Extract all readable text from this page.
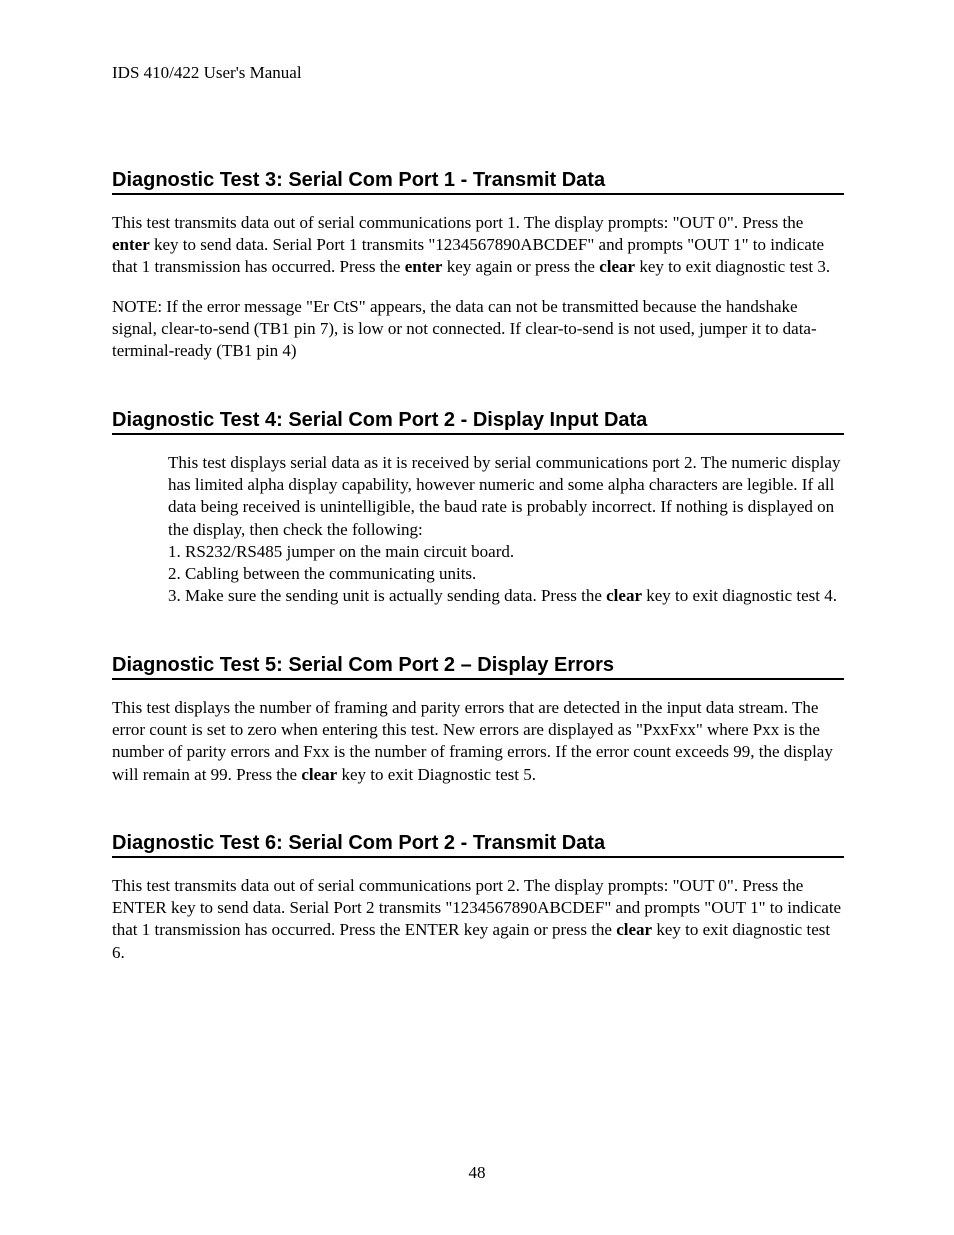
IDS 410/422 User's Manual
Diagnostic Test 3: Serial Com Port 1 - Transmit Data

This test transmits data out of serial communications port 1. The display prompts: "OUT 0". Press the enter key to send data. Serial Port 1 transmits "1234567890ABCDEF" and prompts "OUT 1" to indicate that 1 transmission has occurred. Press the enter key again or press the clear key to exit diagnostic test 3.

NOTE: If the error message "Er CtS" appears, the data can not be transmitted because the handshake signal, clear-to-send (TB1 pin 7), is low or not connected. If clear-to-send is not used, jumper it to data-terminal-ready (TB1 pin 4)

Diagnostic Test 4: Serial Com Port 2 - Display Input Data

This test displays serial data as it is received by serial communications port 2. The numeric display has limited alpha display capability, however numeric and some alpha characters are legible. If all data being received is unintelligible, the baud rate is probably incorrect. If nothing is displayed on the display, then check the following:

1. RS232/RS485 jumper on the main circuit board.

2. Cabling between the communicating units.

3. Make sure the sending unit is actually sending data. Press the clear key to exit diagnostic test 4.

Diagnostic Test 5: Serial Com Port 2 – Display Errors

This test displays the number of framing and parity errors that are detected in the input data stream. The error count is set to zero when entering this test. New errors are displayed as "PxxFxx" where Pxx is the number of parity errors and Fxx is the number of framing errors. If the error count exceeds 99, the display will remain at 99. Press the clear key to exit Diagnostic test 5.

Diagnostic Test 6: Serial Com Port 2 - Transmit Data

This test transmits data out of serial communications port 2. The display prompts: "OUT 0". Press the ENTER key to send data. Serial Port 2 transmits "1234567890ABCDEF" and prompts "OUT 1" to indicate that 1 transmission has occurred. Press the ENTER key again or press the clear key to exit diagnostic test 6.

48
